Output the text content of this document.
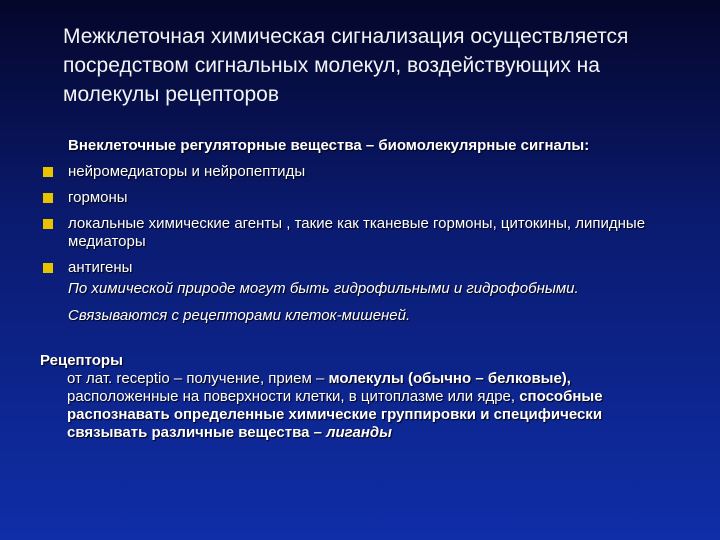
Межклеточная химическая сигнализация осуществляется посредством сигнальных молекул, воздействующих на молекулы рецепторов
Внеклеточные регуляторные вещества – биомолекулярные сигналы:
нейромедиаторы и нейропептиды
гормоны
локальные химические агенты , такие как тканевые гормоны, цитокины, липидные медиаторы
антигены
По химической природе могут быть гидрофильными и гидрофобными.
Связываются с рецепторами клеток-мишеней.
Рецепторы
от лат. receptio – получение, прием – молекулы (обычно – белковые), расположенные на поверхности клетки, в цитоплазме или ядре, способные распознавать определенные химические группировки и специфически связывать различные вещества – лиганды
